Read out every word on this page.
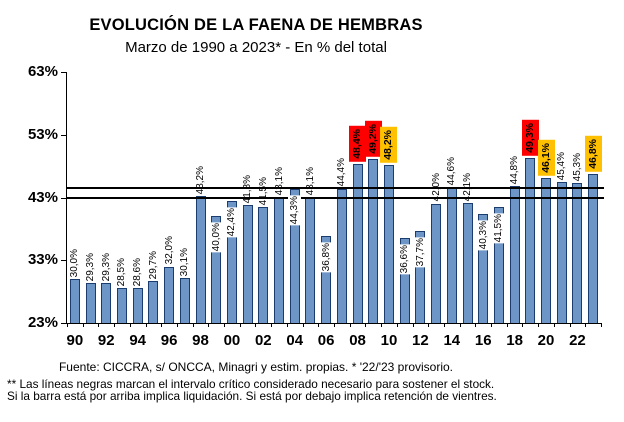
EVOLUCIÓN DE LA FAENA DE HEMBRAS
Marzo de 1990 a 2023* - En % del total
30,0% 29,3% 29,3% 28,5% 28,6% 29,7%
32,0% 30,1%
43,2%
40,0%
42,4%
41,8% 41,5% 43,1%
44,3%
43,1%
36,8%
44,4%
48,4% 49,2% 48,2%
36,6% 37,7%
42,0%
44,6%
42,1%
40,3% 41,5%
44,8%
49,3%
46,1% 45,4% 45,3% 46,8%
63%
53%
43%
33%
23%
90 92 94 96 98 00 02 04 06 08 10 12 14 16 18 20 22
Fuente: CICCRA, s/ ONCCA, Minagri y estim. propias. * '22/'23 provisorio.
** Las líneas negras marcan el intervalo crítico considerado necesario para sostener el stock.
Si la barra está por arriba implica liquidación. Si está por debajo implica retención de vientres.
